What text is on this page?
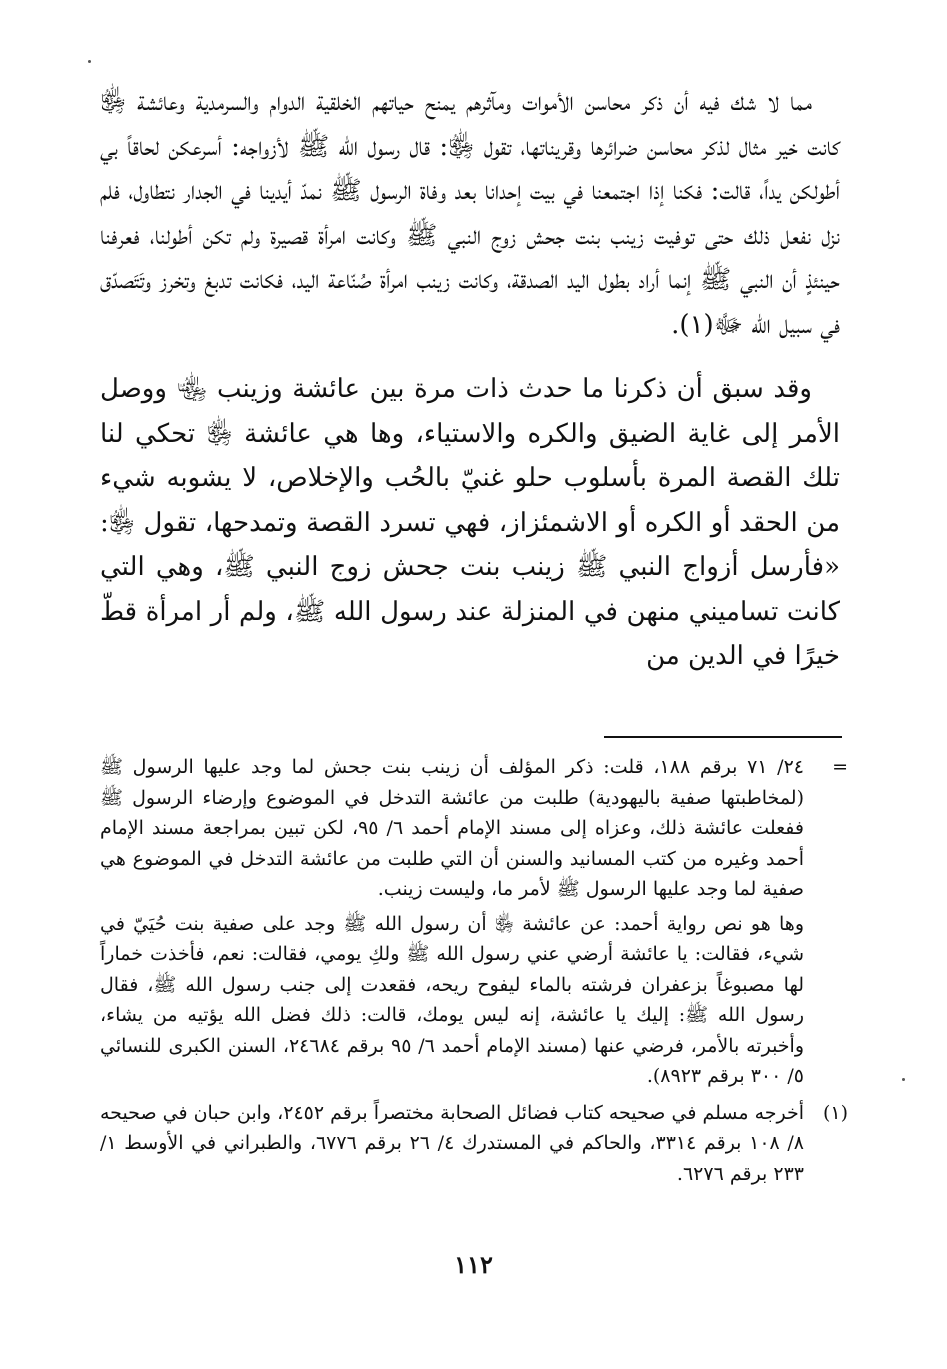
مما لا شك فيه أن ذكر محاسن الأموات ومآثرهم يمنح حياتهم الخلقية الدوام والسرمدية وعائشة ﵂ كانت خير مثال لذكر محاسن ضرائرها وقريناتها، تقول ﵂: قال رسول الله ﷺ لأزواجه: أسرعكن لحاقاً بي أطولكن يداً، قالت: فكنا إذا اجتمعنا في بيت إحدانا بعد وفاة الرسول ﷺ نمدّ أيدينا في الجدار نتطاول، فلم نزل نفعل ذلك حتى توفيت زينب بنت جحش زوج النبي ﷺ وكانت امرأة قصيرة ولم تكن أطولنا، فعرفنا حينئذٍ أن النبي ﷺ إنما أراد بطول اليد الصدقة، وكانت زينب امرأة صُنّاعة اليد، فكانت تدبغ وتخرز وتَتَصدّق في سبيل الله ﷻ(١).

وقد سبق أن ذكرنا ما حدث ذات مرة بين عائشة وزينب ﵄ ووصل الأمر إلى غاية الضيق والكره والاستياء، وها هي عائشة ﵂ تحكي لنا تلك القصة المرة بأسلوب حلو غنيّ بالحُب والإخلاص، لا يشوبه شيء من الحقد أو الكره أو الاشمئزاز، فهي تسرد القصة وتمدحها، تقول ﵂: «فأرسل أزواج النبي ﷺ زينب بنت جحش زوج النبي ﷺ، وهي التي كانت تساميني منهن في المنزلة عند رسول الله ﷺ، ولم أر امرأة قطّ خيرًا في الدين من

=

٢٤/ ٧١ برقم ١٨٨، قلت: ذكر المؤلف أن زينب بنت جحش لما وجد عليها الرسول ﷺ (لمخاطبتها صفية باليهودية) طلبت من عائشة التدخل في الموضوع وإرضاء الرسول ﷺ ففعلت عائشة ذلك، وعزاه إلى مسند الإمام أحمد ٦/ ٩٥، لكن تبين بمراجعة مسند الإمام أحمد وغيره من كتب المسانيد والسنن أن التي طلبت من عائشة التدخل في الموضوع هي صفية لما وجد عليها الرسول ﷺ لأمر ما، وليست زينب.

وها هو نص رواية أحمد: عن عائشة ﵂ أن رسول الله ﷺ وجد على صفية بنت حُيَيّ في شيء، فقالت: يا عائشة أرضي عني رسول الله ﷺ ولكِ يومي، فقالت: نعم، فأخذت خماراً لها مصبوغاً بزعفران فرشته بالماء ليفوح ريحه، فقعدت إلى جنب رسول الله ﷺ، فقال رسول الله ﷺ: إليك يا عائشة، إنه ليس يومك، قالت: ذلك فضل الله يؤتيه من يشاء، وأخبرته بالأمر، فرضي عنها (مسند الإمام أحمد ٦/ ٩٥ برقم ٢٤٦٨٤، السنن الكبرى للنسائي ٥/ ٣٠٠ برقم ٨٩٢٣).

(١)

أخرجه مسلم في صحيحه كتاب فضائل الصحابة مختصراً برقم ٢٤٥٢، وابن حبان في صحيحه ٨/ ١٠٨ برقم ٣٣١٤، والحاكم في المستدرك ٤/ ٢٦ برقم ٦٧٧٦، والطبراني في الأوسط ١/ ٢٣٣ برقم ٦٢٧٦.

١١٢
